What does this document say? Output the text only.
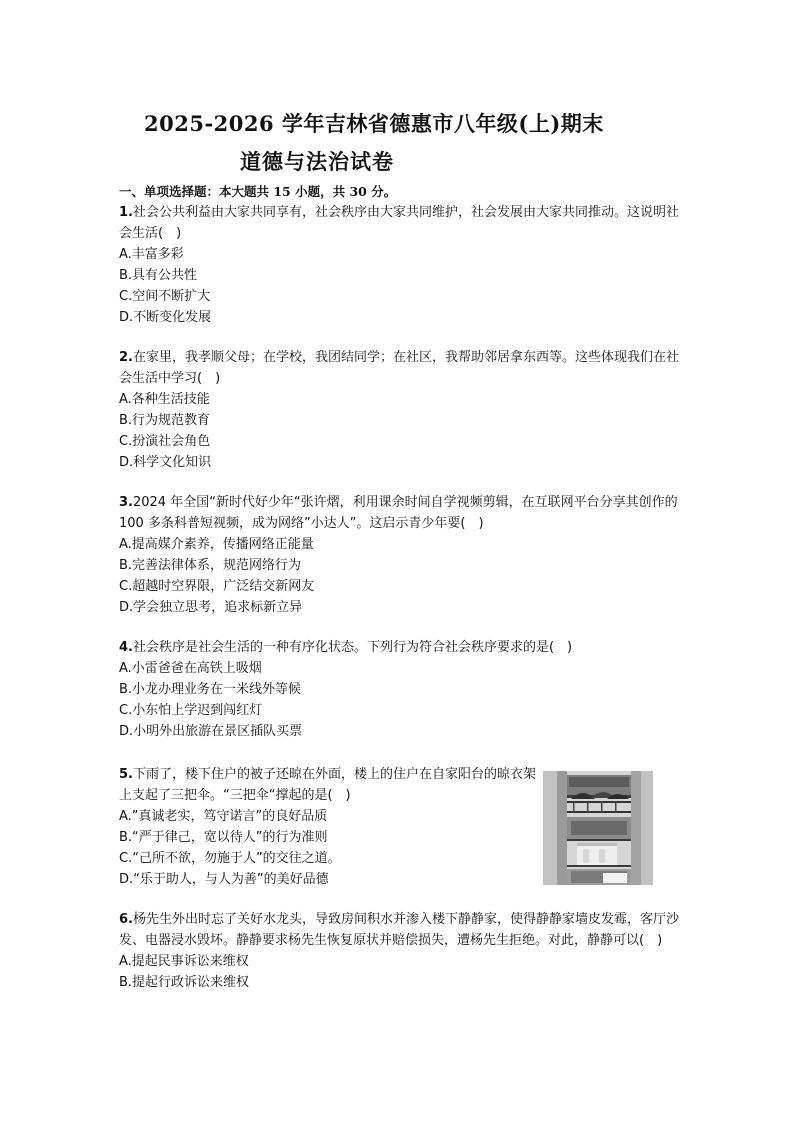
2025-2026 学年吉林省德惠市八年级(上)期末
道德与法治试卷
一、单项选择题：本大题共 15 小题，共 30 分。

1.社会公共利益由大家共同享有，社会秩序由大家共同维护，社会发展由大家共同推动。这说明社会生活(　)

A.丰富多彩

B.具有公共性

C.空间不断扩大

D.不断变化发展

2.在家里，我孝顺父母；在学校，我团结同学；在社区，我帮助邻居拿东西等。这些体现我们在社会生活中学习(　)

A.各种生活技能

B.行为规范教育

C.扮演社会角色

D.科学文化知识

3.2024 年全国“新时代好少年“张许熠，利用课余时间自学视频剪辑，在互联网平台分享其创作的 100 多条科普短视频，成为网络”小达人”。这启示青少年要(　)

A.提高媒介素养，传播网络正能量

B.完善法律体系，规范网络行为

C.超越时空界限，广泛结交新网友

D.学会独立思考，追求标新立异

4.社会秩序是社会生活的一种有序化状态。下列行为符合社会秩序要求的是(　)

A.小雷爸爸在高铁上吸烟

B.小龙办理业务在一米线外等候

C.小东怕上学迟到闯红灯

D.小明外出旅游在景区插队买票

5.下雨了，楼下住户的被子还晾在外面，楼上的住户在自家阳台的晾衣架上支起了三把伞。“三把伞“撑起的是(　)

A.”真诚老实，笃守诺言”的良好品质

B.“严于律己，宽以待人”的行为准则

C.“己所不欲，勿施于人”的交往之道。

D.“乐于助人，与人为善”的美好品德

6.杨先生外出时忘了关好水龙头，导致房间积水并渗入楼下静静家，使得静静家墙皮发霉，客厅沙发、电器浸水毁坏。静静要求杨先生恢复原状并赔偿损失，遭杨先生拒绝。对此，静静可以(　)

A.提起民事诉讼来维权

B.提起行政诉讼来维权
